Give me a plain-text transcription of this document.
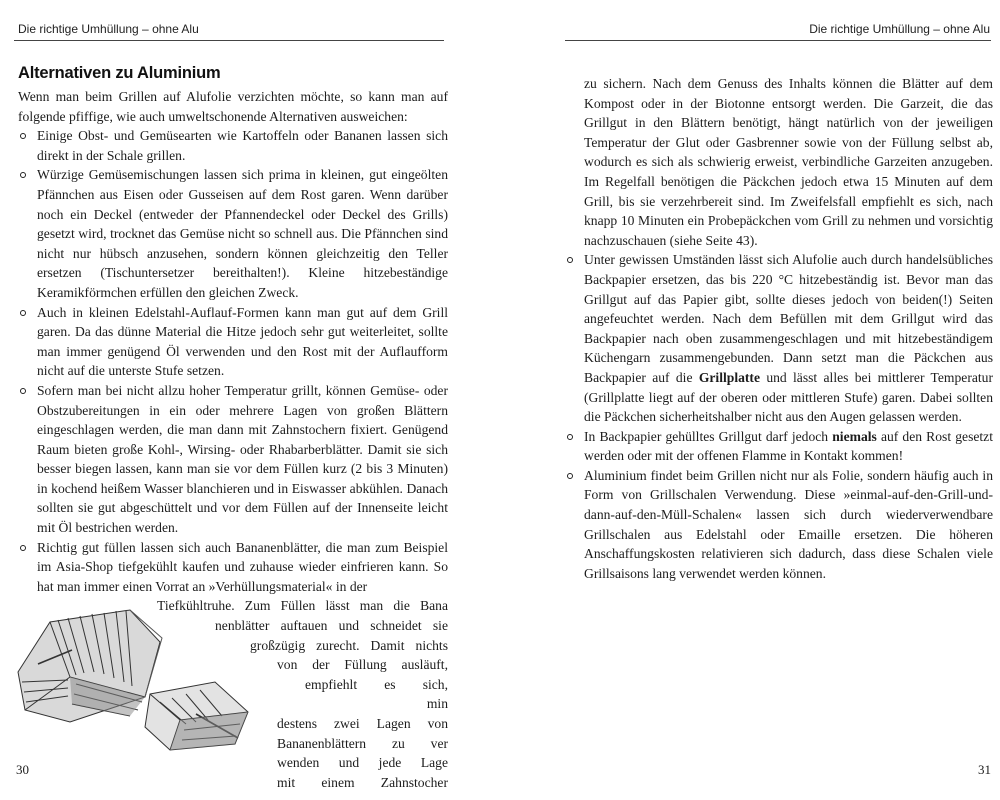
Die richtige Umhüllung – ohne Alu	Die richtige Umhüllung – ohne Alu
Alternativen zu Aluminium

Wenn man beim Grillen auf Alufolie verzichten möchte, so kann man auf folgende pfiffige, wie auch umweltschonende Alternativen ausweichen:

Einige Obst- und Gemüsearten wie Kartoffeln oder Bananen lassen sich direkt in der Schale grillen.
Würzige Gemüsemischungen lassen sich prima in kleinen, gut eingeölten Pfännchen aus Eisen oder Gusseisen auf dem Rost garen. Wenn darüber noch ein Deckel (entweder der Pfannendeckel oder Deckel des Grills) gesetzt wird, trocknet das Gemüse nicht so schnell aus. Die Pfännchen sind nicht nur hübsch anzusehen, sondern können gleichzeitig den Teller ersetzen (Tischuntersetzer bereithalten!). Kleine hitzebeständige Keramikförmchen erfüllen den gleichen Zweck.
Auch in kleinen Edelstahl-Auflauf-Formen kann man gut auf dem Grill garen. Da das dünne Material die Hitze jedoch sehr gut weiterleitet, sollte man immer genügend Öl verwenden und den Rost mit der Auflaufform nicht auf die unterste Stufe setzen.
Sofern man bei nicht allzu hoher Temperatur grillt, können Gemüse- oder Obstzubereitungen in ein oder mehrere Lagen von großen Blättern eingeschlagen werden, die man dann mit Zahnstochern fixiert. Genügend Raum bieten große Kohl-, Wirsing- oder Rhabarberblätter. Damit sie sich besser biegen lassen, kann man sie vor dem Füllen kurz (2 bis 3 Minuten) in kochend heißem Wasser blanchieren und in Eiswasser abkühlen. Danach sollten sie gut abgeschüttelt und vor dem Füllen auf der Innenseite leicht mit Öl bestrichen werden.
Richtig gut füllen lassen sich auch Bananenblätter, die man zum Beispiel im Asia-Shop tiefgekühlt kaufen und zuhause wieder einfrieren kann. So hat man immer einen Vorrat an »Verhüllungsmaterial« in der
Tiefkühltruhe. Zum Füllen lässt man die Bana
nenblätter auftauen und schneidet sie
großzügig zurecht. Damit nichts
von der Füllung ausläuft,
empfiehlt es sich,
min
destens zwei Lagen von
Bananenblättern zu ver
wenden und jede Lage
mit einem Zahnstocher
30
zu sichern. Nach dem Genuss des Inhalts können die Blätter auf dem Kompost oder in der Biotonne entsorgt werden. Die Garzeit, die das Grillgut in den Blättern benötigt, hängt natürlich von der jeweiligen Temperatur der Glut oder Gasbrenner sowie von der Füllung selbst ab, wodurch es sich als schwierig erweist, verbindliche Garzeiten anzugeben. Im Regelfall benötigen die Päckchen jedoch etwa 15 Minuten auf dem Grill, bis sie verzehrbereit sind. Im Zweifelsfall empfiehlt es sich, nach knapp 10 Minuten ein Probepäckchen vom Grill zu nehmen und vorsichtig nachzuschauen (siehe Seite 43).
Unter gewissen Umständen lässt sich Alufolie auch durch handelsübliches Backpapier ersetzen, das bis 220 °C hitzebeständig ist. Bevor man das Grillgut auf das Papier gibt, sollte dieses jedoch von beiden(!) Seiten angefeuchtet werden. Nach dem Befüllen mit dem Grillgut wird das Backpapier nach oben zusammengeschlagen und mit hitzebeständigem Küchengarn zusammengebunden. Dann setzt man die Päckchen aus Backpapier auf die Grillplatte und lässt alles bei mittlerer Temperatur (Grillplatte liegt auf der oberen oder mittleren Stufe) garen. Dabei sollten die Päckchen sicherheitshalber nicht aus den Augen gelassen werden.
In Backpapier gehülltes Grillgut darf jedoch niemals auf den Rost gesetzt werden oder mit der offenen Flamme in Kontakt kommen!
Aluminium findet beim Grillen nicht nur als Folie, sondern häufig auch in Form von Grillschalen Verwendung. Diese »einmal-auf-den-Grill-und-dann-auf-den-Müll-Schalen« lassen sich durch wiederverwendbare Grillschalen aus Edelstahl oder Emaille ersetzen. Die höheren Anschaffungskosten relativieren sich dadurch, dass diese Schalen viele Grillsaisons lang verwendet werden können.
31
